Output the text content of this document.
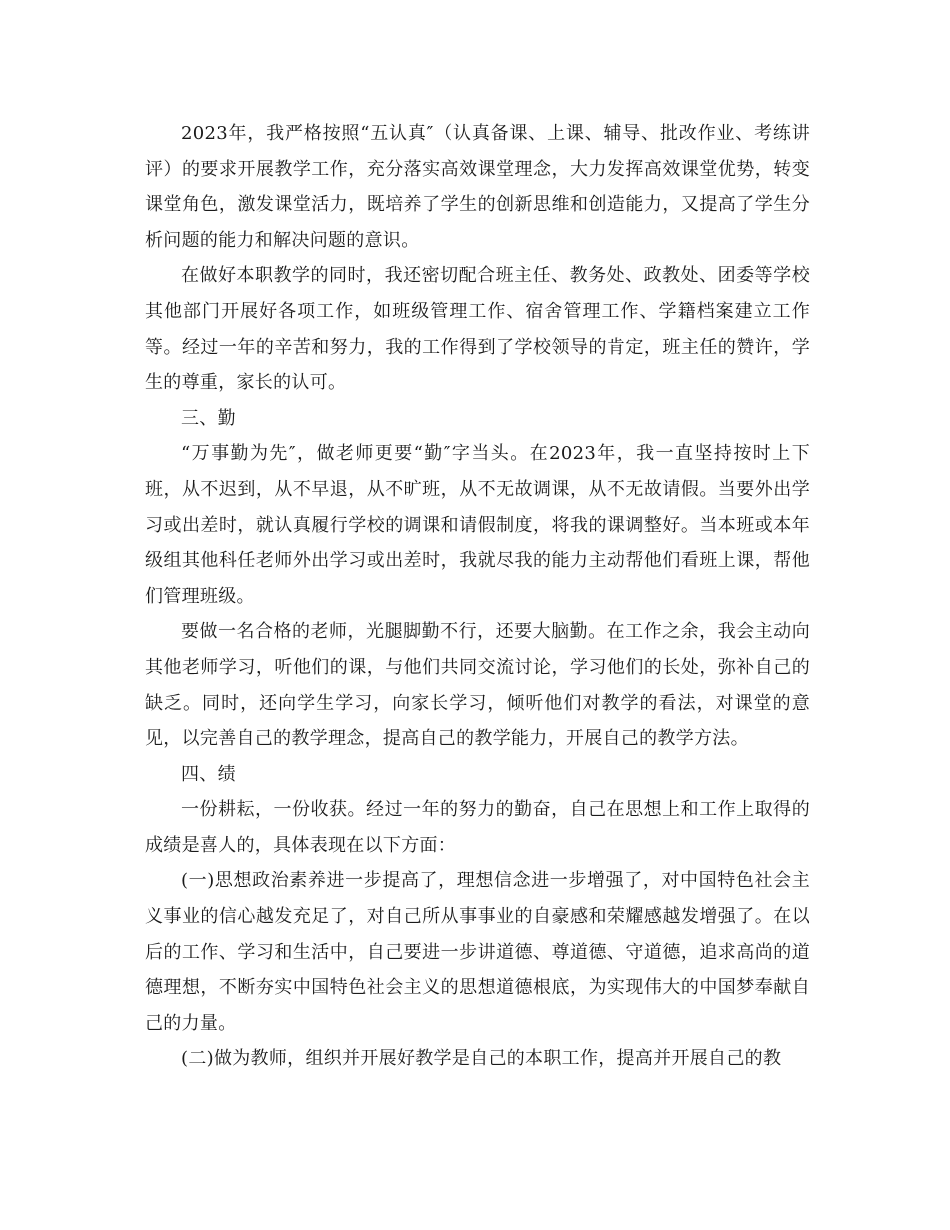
2023年，我严格按照“五认真″（认真备课、上课、辅导、批改作业、考练讲评）的要求开展教学工作，充分落实高效课堂理念，大力发挥高效课堂优势，转变课堂角色，激发课堂活力，既培养了学生的创新思维和创造能力，又提高了学生分析问题的能力和解决问题的意识。

在做好本职教学的同时，我还密切配合班主任、教务处、政教处、团委等学校其他部门开展好各项工作，如班级管理工作、宿舍管理工作、学籍档案建立工作等。经过一年的辛苦和努力，我的工作得到了学校领导的肯定，班主任的赞许，学生的尊重，家长的认可。

三、勤

“万事勤为先″，做老师更要“勤″字当头。在2023年，我一直坚持按时上下班，从不迟到，从不早退，从不旷班，从不无故调课，从不无故请假。当要外出学习或出差时，就认真履行学校的调课和请假制度，将我的课调整好。当本班或本年级组其他科任老师外出学习或出差时，我就尽我的能力主动帮他们看班上课，帮他们管理班级。

要做一名合格的老师，光腿脚勤不行，还要大脑勤。在工作之余，我会主动向其他老师学习，听他们的课，与他们共同交流讨论，学习他们的长处，弥补自己的缺乏。同时，还向学生学习，向家长学习，倾听他们对教学的看法，对课堂的意见，以完善自己的教学理念，提高自己的教学能力，开展自己的教学方法。

四、绩

一份耕耘，一份收获。经过一年的努力的勤奋，自己在思想上和工作上取得的成绩是喜人的，具体表现在以下方面：

(一)思想政治素养进一步提高了，理想信念进一步增强了，对中国特色社会主义事业的信心越发充足了，对自己所从事事业的自豪感和荣耀感越发增强了。在以后的工作、学习和生活中，自己要进一步讲道德、尊道德、守道德，追求高尚的道德理想，不断夯实中国特色社会主义的思想道德根底，为实现伟大的中国梦奉献自己的力量。

(二)做为教师，组织并开展好教学是自己的本职工作，提高并开展自己的教
